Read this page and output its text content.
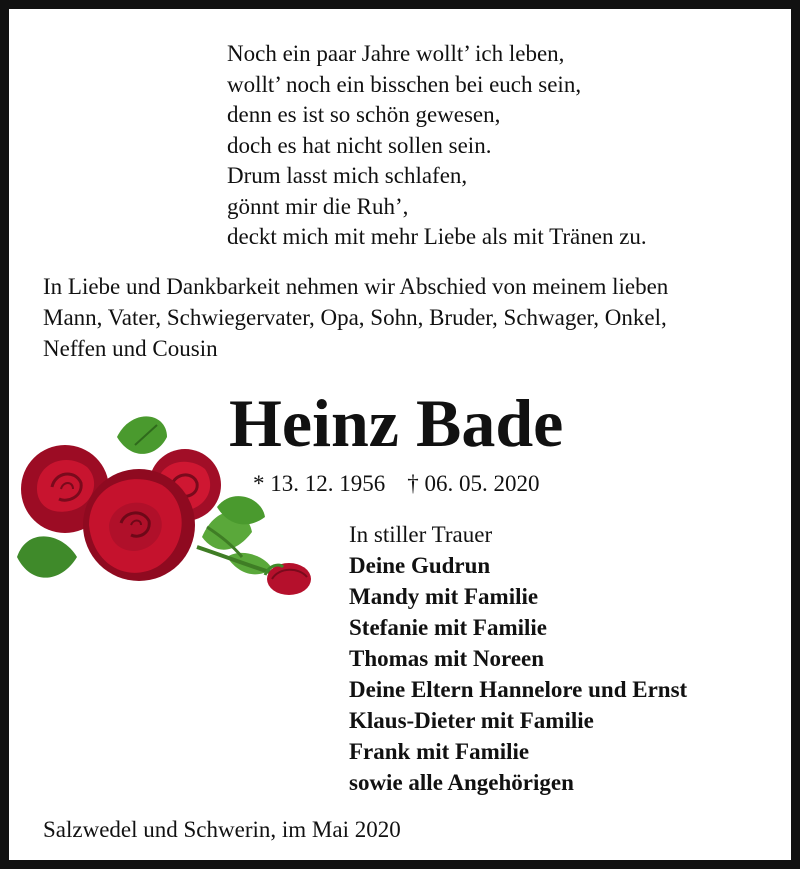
Noch ein paar Jahre wollt’ ich leben,
wollt’ noch ein bisschen bei euch sein,
denn es ist so schön gewesen,
doch es hat nicht sollen sein.
Drum lasst mich schlafen,
gönnt mir die Ruh’,
deckt mich mit mehr Liebe als mit Tränen zu.
In Liebe und Dankbarkeit nehmen wir Abschied von meinem lieben
Mann, Vater, Schwiegervater, Opa, Sohn, Bruder, Schwager, Onkel,
Neffen und Cousin
Heinz Bade
* 13. 12. 1956 † 06. 05. 2020
In stiller Trauer
Deine Gudrun
Mandy mit Familie
Stefanie mit Familie
Thomas mit Noreen
Deine Eltern Hannelore und Ernst
Klaus-Dieter mit Familie
Frank mit Familie
sowie alle Angehörigen
Salzwedel und Schwerin, im Mai 2020
